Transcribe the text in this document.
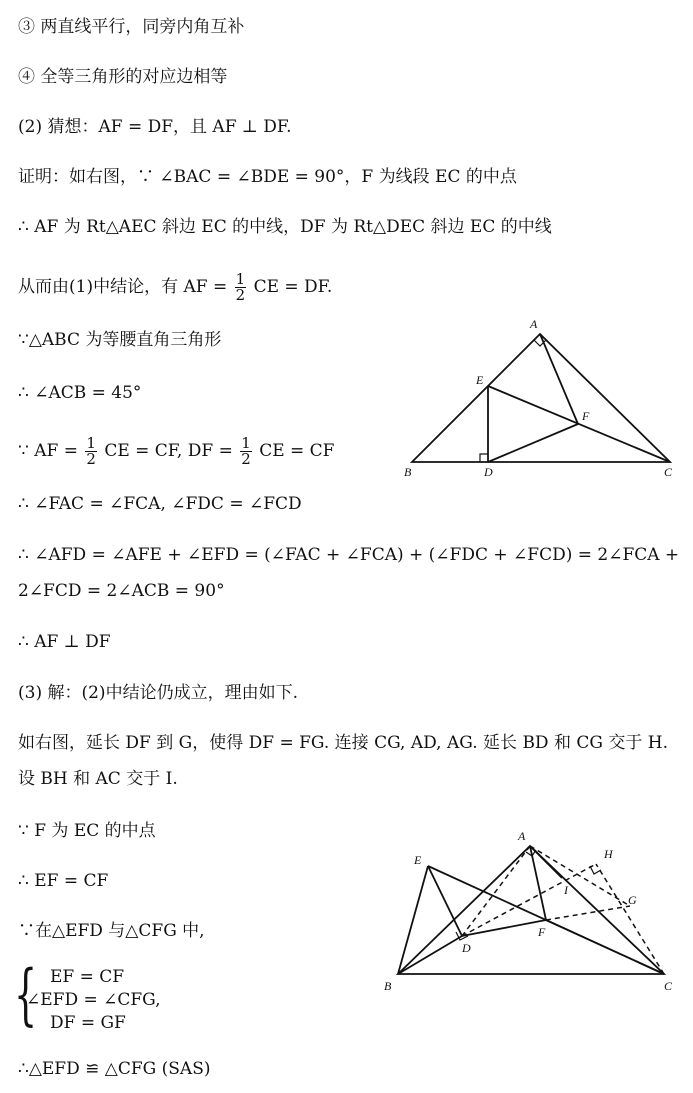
③ 两直线平行，同旁内角互补
④ 全等三角形的对应边相等
(2) 猜想：AF = DF，且 AF ⊥ DF.
证明：如右图，∵ ∠BAC = ∠BDE = 90°，F 为线段 EC 的中点
∴ AF 为 Rt△AEC 斜边 EC 的中线，DF 为 Rt△DEC 斜边 EC 的中线
从而由(1)中结论，有 AF = $\frac{1}{2}$ CE = DF.
∵△ABC 为等腰直角三角形
∴ ∠ACB = 45°
∵ AF = $\frac{1}{2}$ CE = CF, DF = $\frac{1}{2}$ CE = CF
∴ ∠FAC = ∠FCA, ∠FDC = ∠FCD
∴ ∠AFD = ∠AFE + ∠EFD = (∠FAC + ∠FCA) + (∠FDC + ∠FCD) = 2∠FCA +
2∠FCD = 2∠ACB = 90°
∴ AF ⊥ DF
(3) 解：(2)中结论仍成立，理由如下.
如右图，延长 DF 到 G，使得 DF = FG. 连接 CG, AD, AG. 延长 BD 和 CG 交于 H.
设 BH 和 AC 交于 I.
∵ F 为 EC 的中点
∴ EF = CF
∵在△EFD 与△CFG 中,
{ EF = CF
∠EFD = ∠CFG,
DF = GF
∴△EFD ≌ △CFG (SAS)
A
E
F
B	D	C
A
E	H
I
G
D
F
B	C
